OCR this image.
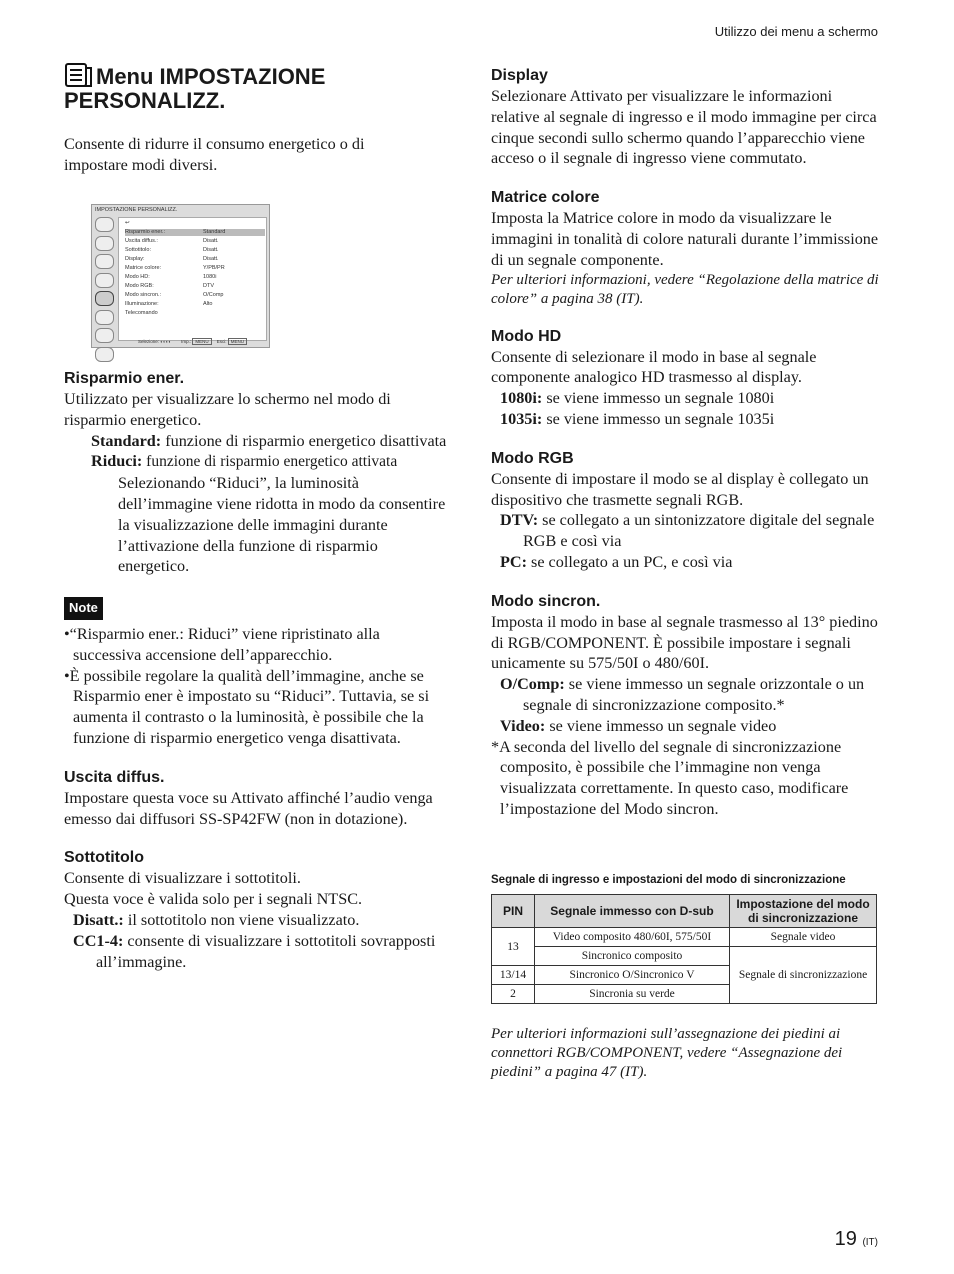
Utilizzo dei menu a schermo
Menu IMPOSTAZIONE
PERSONALIZZ.

Consente di ridurre il consumo energetico o di impostare modi diversi.

IMPOSTAZIONE PERSONALIZZ.
↩
Risparmio ener.:	Standard
Uscita diffus.:	Disatt.
Sottotitolo:	Disatt.
Display:	Disatt.
Matrice colore:	Y/PB/PR
Modo HD:	1080i
Modo RGB:	DTV
Modo sincron.:	O/Comp
Illuminazione:	Alto
Telecomando
Selezione: ◐◐◐◐        Imp.: MENU Esci: MENU

Risparmio ener.

Utilizzato per visualizzare lo schermo nel modo di risparmio energetico.

Standard: funzione di risparmio energetico disattivata

Riduci: funzione di risparmio energetico attivata

Selezionando “Riduci”, la luminosità dell’immagine viene ridotta in modo da consentire la visualizzazione delle immagini durante l’attivazione della funzione di risparmio energetico.

Note

•“Risparmio ener.: Riduci” viene ripristinato alla successiva accensione dell’apparecchio.

•È possibile regolare la qualità dell’immagine, anche se Risparmio ener è impostato su “Riduci”. Tuttavia, se si aumenta il contrasto o la luminosità, è possibile che la funzione di risparmio energetico venga disattivata.

Uscita diffus.

Impostare questa voce su Attivato affinché l’audio venga emesso dai diffusori SS-SP42FW (non in dotazione).

Sottotitolo

Consente di visualizzare i sottotitoli.

Questa voce è valida solo per i segnali NTSC.

Disatt.: il sottotitolo non viene visualizzato.

CC1-4: consente di visualizzare i sottotitoli sovrapposti all’immagine.

Display

Selezionare Attivato per visualizzare le informazioni relative al segnale di ingresso e il modo immagine per circa cinque secondi sullo schermo quando l’apparecchio viene acceso o il segnale di ingresso viene commutato.

Matrice colore

Imposta la Matrice colore in modo da visualizzare le immagini in tonalità di colore naturali durante l’immissione di un segnale componente.

Per ulteriori informazioni, vedere “Regolazione della matrice di colore” a pagina 38 (IT).

Modo HD

Consente di selezionare il modo in base al segnale componente analogico HD trasmesso al display.

1080i: se viene immesso un segnale 1080i

1035i: se viene immesso un segnale 1035i

Modo RGB

Consente di impostare il modo se al display è collegato un dispositivo che trasmette segnali RGB.

DTV: se collegato a un sintonizzatore digitale del segnale RGB e così via

PC: se collegato a un PC, e così via

Modo sincron.

Imposta il modo in base al segnale trasmesso al 13° piedino di RGB/COMPONENT. È possibile impostare i segnali unicamente su 575/50I o 480/60I.

O/Comp: se viene immesso un segnale orizzontale o un segnale di sincronizzazione composito.*

Video: se viene immesso un segnale video

*A seconda del livello del segnale di sincronizzazione composito, è possibile che l’immagine non venga visualizzata correttamente. In questo caso, modificare l’impostazione del Modo sincron.

Segnale di ingresso e impostazioni del modo di sincronizzazione
PIN	Segnale immesso con D-sub	Impostazione del modo di sincronizzazione
13	Video composito 480/60I, 575/50I	Segnale video
	Sincronico composito	Segnale di sincronizzazione
13/14	Sincronico O/Sincronico V	
2	Sincronia su verde	
Per ulteriori informazioni sull’assegnazione dei piedini ai connettori RGB/COMPONENT, vedere “Assegnazione dei piedini” a pagina 47 (IT).
19 (IT)
